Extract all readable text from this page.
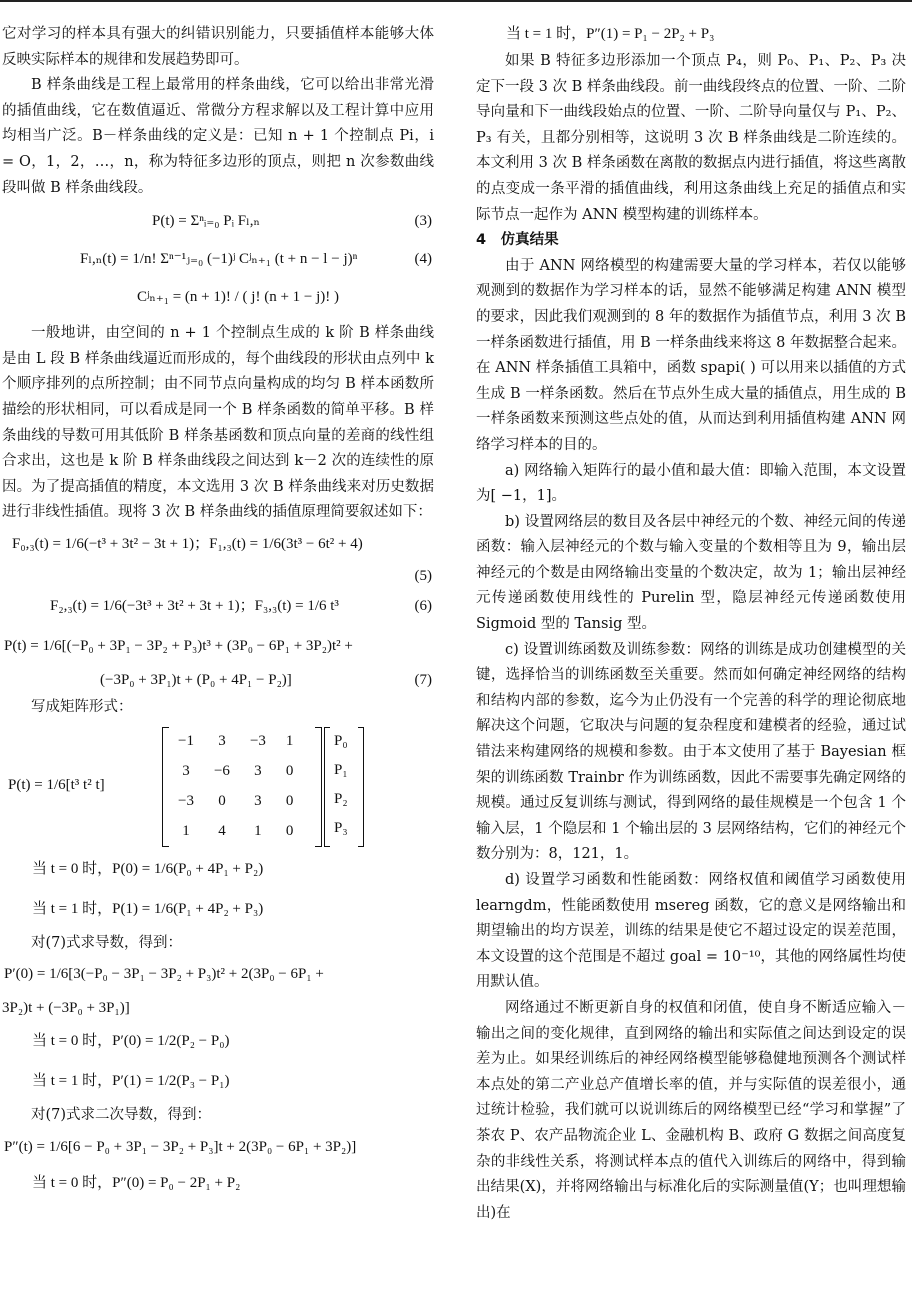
它对学习的样本具有强大的纠错识别能力，只要插值样本能够大体反映实际样本的规律和发展趋势即可。

B 样条曲线是工程上最常用的样条曲线，它可以给出非常光滑的插值曲线，它在数值逼近、常微分方程求解以及工程计算中应用均相当广泛。B－样条曲线的定义是：已知 n + 1 个控制点 Pi，i = O，1，2，…，n，称为特征多边形的顶点，则把 n 次参数曲线段叫做 B 样条曲线段。

P(t) = Σⁿᵢ₌₀ Pᵢ Fₗ,ₙ	(3)
Fₗ,ₙ(t) = 1/n! Σⁿ⁻¹ⱼ₌₀ (−1)ʲ Cʲₙ₊₁ (t + n − l − j)ⁿ	(4)
Cʲₙ₊₁ = (n + 1)! / ( j! (n + 1 − j)! )

一般地讲，由空间的 n + 1 个控制点生成的 k 阶 B 样条曲线是由 L 段 B 样条曲线逼近而形成的，每个曲线段的形状由点列中 k 个顺序排列的点所控制；由不同节点向量构成的均匀 B 样本函数所描绘的形状相同，可以看成是同一个 B 样条函数的简单平移。B 样条曲线的导数可用其低阶 B 样条基函数和顶点向量的差商的线性组合求出，这也是 k 阶 B 样条曲线段之间达到 k－2 次的连续性的原因。为了提高插值的精度，本文选用 3 次 B 样条曲线来对历史数据进行非线性插值。现将 3 次 B 样条曲线的插值原理简要叙述如下：

F₀,₃(t) = 1/6(−t³ + 3t² − 3t + 1)；F₁,₃(t) = 1/6(3t³ − 6t² + 4)
(5)
F₂,₃(t) = 1/6(−3t³ + 3t² + 3t + 1)；F₃,₃(t) = 1/6 t³	(6)
P(t) = 1/6[(−P₀ + 3P₁ − 3P₂ + P₃)t³ + (3P₀ − 6P₁ + 3P₂)t² +
(−3P₀ + 3P₁)t + (P₀ + 4P₁ − P₂)]	(7)

写成矩阵形式：

P(t) = 1/6[t³ t² t]
−1	3	−3	1
3	−6	3	0
−3	0	3	0
1	4	1	0
P₀
P₁
P₂
P₃
当 t = 0 时，P(0) = 1/6(P₀ + 4P₁ + P₂)
当 t = 1 时，P(1) = 1/6(P₁ + 4P₂ + P₃)

对(7)式求导数，得到：

P′(0) = 1/6[3(−P₀ − 3P₁ − 3P₂ + P₃)t² + 2(3P₀ − 6P₁ +
3P₂)t + (−3P₀ + 3P₁)]
当 t = 0 时，P′(0) = 1/2(P₂ − P₀)
当 t = 1 时，P′(1) = 1/2(P₃ − P₁)

对(7)式求二次导数，得到：

P″(t) = 1/6[6 − P₀ + 3P₁ − 3P₂ + P₃]t + 2(3P₀ − 6P₁ + 3P₂)]
当 t = 0 时，P″(0) = P₀ − 2P₁ + P₂
当 t = 1 时，P″(1) = P₁ − 2P₂ + P₃

如果 B 特征多边形添加一个顶点 P₄，则 P₀、P₁、P₂、P₃ 决定下一段 3 次 B 样条曲线段。前一曲线段终点的位置、一阶、二阶导向量和下一曲线段始点的位置、一阶、二阶导向量仅与 P₁、P₂、P₃ 有关，且都分别相等，这说明 3 次 B 样条曲线是二阶连续的。本文利用 3 次 B 样条函数在离散的数据点内进行插值，将这些离散的点变成一条平滑的插值曲线，利用这条曲线上充足的插值点和实际节点一起作为 ANN 模型构建的训练样本。

4　仿真结果

由于 ANN 网络模型的构建需要大量的学习样本，若仅以能够观测到的数据作为学习样本的话，显然不能够满足构建 ANN 模型的要求，因此我们观测到的 8 年的数据作为插值节点，利用 3 次 B 一样条函数进行插值，用 B 一样条曲线来将这 8 年数据整合起来。在 ANN 样条插值工具箱中，函数 spapi( ) 可以用来以插值的方式生成 B 一样条函数。然后在节点外生成大量的插值点，用生成的 B 一样条函数来预测这些点处的值，从而达到利用插值构建 ANN 网络学习样本的目的。

a) 网络输入矩阵行的最小值和最大值：即输入范围，本文设置为[ −1，1]。

b) 设置网络层的数目及各层中神经元的个数、神经元间的传递函数：输入层神经元的个数与输入变量的个数相等且为 9，输出层神经元的个数是由网络输出变量的个数决定，故为 1；输出层神经元传递函数使用线性的 Purelin 型，隐层神经元传递函数使用 Sigmoid 型的 Tansig 型。

c) 设置训练函数及训练参数：网络的训练是成功创建模型的关键，选择恰当的训练函数至关重要。然而如何确定神经网络的结构和结构内部的参数，迄今为止仍没有一个完善的科学的理论彻底地解决这个问题，它取决与问题的复杂程度和建模者的经验，通过试错法来构建网络的规模和参数。由于本文使用了基于 Bayesian 框架的训练函数 Trainbr 作为训练函数，因此不需要事先确定网络的规模。通过反复训练与测试，得到网络的最佳规模是一个包含 1 个输入层，1 个隐层和 1 个输出层的 3 层网络结构，它们的神经元个数分别为：8，121，1。

d) 设置学习函数和性能函数：网络权值和阈值学习函数使用 learngdm，性能函数使用 msereg 函数，它的意义是网络输出和期望输出的均方误差，训练的结果是使它不超过设定的误差范围，本文设置的这个范围是不超过 goal = 10⁻¹⁰，其他的网络属性均使用默认值。

网络通过不断更新自身的权值和闭值，使自身不断适应输入－输出之间的变化规律，直到网络的输出和实际值之间达到设定的误差为止。如果经训练后的神经网络模型能够稳健地预测各个测试样本点处的第二产业总产值增长率的值，并与实际值的误差很小，通过统计检验，我们就可以说训练后的网络模型已经“学习和掌握”了茶农 P、农产品物流企业 L、金融机构 B、政府 G 数据之间高度复杂的非线性关系，将测试样本点的值代入训练后的网络中，得到输出结果(X)，并将网络输出与标准化后的实际测量值(Y；也叫理想输出)在
